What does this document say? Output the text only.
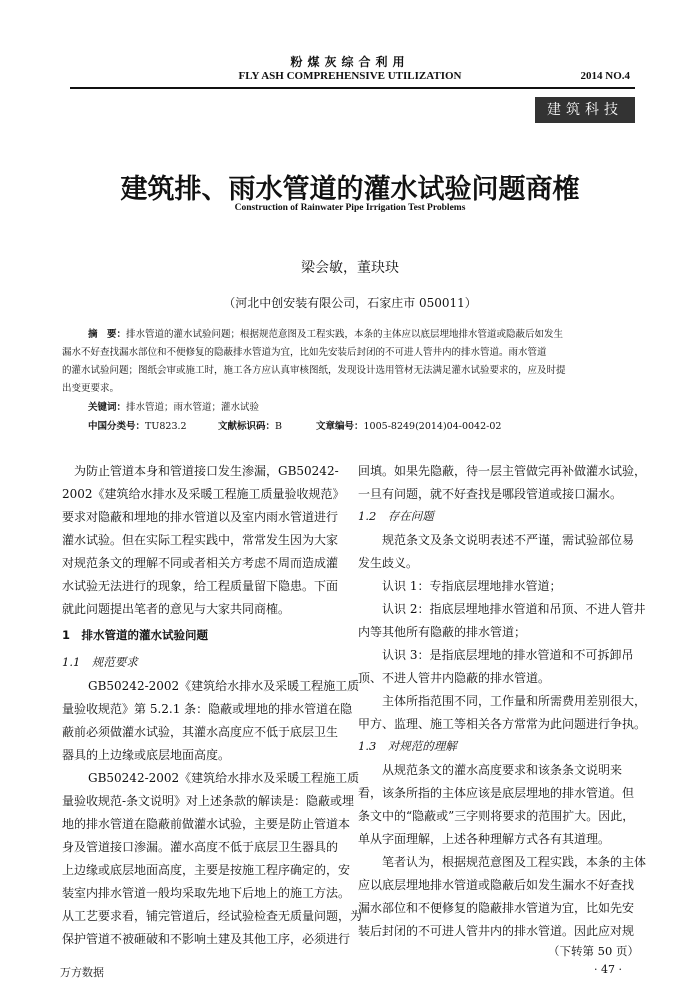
粉煤灰综合利用
FLY ASH COMPREHENSIVE UTILIZATION	2014 NO.4
建筑科技
建筑排、雨水管道的灌水试验问题商榷
Construction of Rainwater Pipe Irrigation Test Problems
梁会敏，董玦玦
（河北中创安装有限公司，石家庄市 050011）
摘　要：排水管道的灌水试验问题；根据规范意图及工程实践，本条的主体应以底层埋地排水管道或隐蔽后如发生
漏水不好查找漏水部位和不便修复的隐蔽排水管道为宜，比如先安装后封闭的不可进人管井内的排水管道。雨水管道
的灌水试验问题；图纸会审或施工时，施工各方应认真审核图纸，发现设计选用管材无法满足灌水试验要求的，应及时提
出变更要求。
关键词：排水管道；雨水管道；灌水试验
中国分类号：TU823.2	文献标识码：B	文章编号：1005-8249(2014)04-0042-02
为防止管道本身和管道接口发生渗漏，GB50242-
2002《建筑给水排水及采暖工程施工质量验收规范》
要求对隐蔽和埋地的排水管道以及室内雨水管道进行
灌水试验。但在实际工程实践中，常常发生因为大家
对规范条文的理解不同或者相关方考虑不周而造成灌
水试验无法进行的现象，给工程质量留下隐患。下面
就此问题提出笔者的意见与大家共同商榷。
1　排水管道的灌水试验问题
1.1　规范要求
GB50242-2002《建筑给水排水及采暖工程施工质
量验收规范》第 5.2.1 条：隐蔽或埋地的排水管道在隐
蔽前必须做灌水试验，其灌水高度应不低于底层卫生
器具的上边缘或底层地面高度。
GB50242-2002《建筑给水排水及采暖工程施工质
量验收规范-条文说明》对上述条款的解读是：隐蔽或埋
地的排水管道在隐蔽前做灌水试验，主要是防止管道本
身及管道接口渗漏。灌水高度不低于底层卫生器具的
上边缘或底层地面高度，主要是按施工程序确定的，安
装室内排水管道一般均采取先地下后地上的施工方法。
从工艺要求看，铺完管道后，经试验检查无质量问题，为
保护管道不被砸破和不影响土建及其他工序，必须进行
回填。如果先隐蔽，待一层主管做完再补做灌水试验，
一旦有问题，就不好查找是哪段管道或接口漏水。
1.2　存在问题
规范条文及条文说明表述不严谨，需试验部位易
发生歧义。
认识 1：专指底层埋地排水管道；
认识 2：指底层埋地排水管道和吊顶、不进人管井
内等其他所有隐蔽的排水管道；
认识 3：是指底层埋地的排水管道和不可拆卸吊
顶、不进人管井内隐蔽的排水管道。
主体所指范围不同，工作量和所需费用差别很大，
甲方、监理、施工等相关各方常常为此问题进行争执。
1.3　对规范的理解
从规范条文的灌水高度要求和该条条文说明来
看，该条所指的主体应该是底层埋地的排水管道。但
条文中的“隐蔽或”三字则将要求的范围扩大。因此，
单从字面理解，上述各种理解方式各有其道理。
笔者认为，根据规范意图及工程实践，本条的主体
应以底层埋地排水管道或隐蔽后如发生漏水不好查找
漏水部位和不便修复的隐蔽排水管道为宜，比如先安
装后封闭的不可进人管井内的排水管道。因此应对规
（下转第 50 页）
· 47 ·
万方数据
